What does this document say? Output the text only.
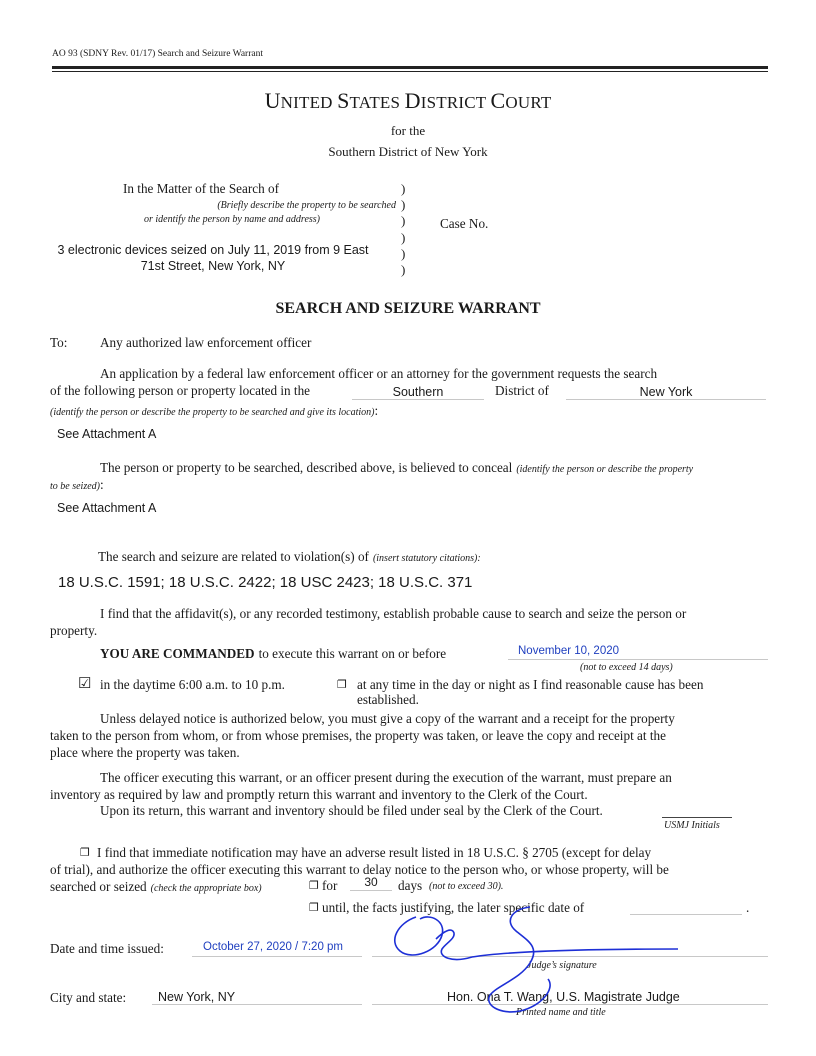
AO 93 (SDNY Rev. 01/17) Search and Seizure Warrant
UNITED STATES DISTRICT COURT
for the
Southern District of New York
In the Matter of the Search of
(Briefly describe the property to be searched
or identify the person by name and address)
3 electronic devices seized on July 11, 2019 from 9 East
71st Street, New York, NY
)
)
)
)
)
)
Case No.
SEARCH AND SEIZURE WARRANT
To: Any authorized law enforcement officer
An application by a federal law enforcement officer or an attorney for the government requests the search
of the following person or property located in the	Southern	District of	New York
(identify the person or describe the property to be searched and give its location):
See Attachment A
The person or property to be searched, described above, is believed to conceal (identify the person or describe the property
to be seized):
See Attachment A
The search and seizure are related to violation(s) of (insert statutory citations):
18 U.S.C. 1591; 18 U.S.C. 2422; 18 USC 2423; 18 U.S.C. 371
I find that the affidavit(s), or any recorded testimony, establish probable cause to search and seize the person or
property.
YOU ARE COMMANDED to execute this warrant on or before	November 10, 2020
(not to exceed 14 days)
☑ in the daytime 6:00 a.m. to 10 p.m.	❐ at any time in the day or night as I find reasonable cause has been
established.
Unless delayed notice is authorized below, you must give a copy of the warrant and a receipt for the property
taken to the person from whom, or from whose premises, the property was taken, or leave the copy and receipt at the
place where the property was taken.
The officer executing this warrant, or an officer present during the execution of the warrant, must prepare an
inventory as required by law and promptly return this warrant and inventory to the Clerk of the Court.
Upon its return, this warrant and inventory should be filed under seal by the Clerk of the Court.
USMJ Initials
❐ I find that immediate notification may have an adverse result listed in 18 U.S.C. § 2705 (except for delay
of trial), and authorize the officer executing this warrant to delay notice to the person who, or whose property, will be
searched or seized (check the appropriate box)	❐ for	30	days (not to exceed 30).
❐ until, the facts justifying, the later specific date of	.
Date and time issued:	October 27, 2020 / 7:20 pm
Judge’s signature
City and state:	New York, NY	Hon. Ona T. Wang, U.S. Magistrate Judge
Printed name and title
